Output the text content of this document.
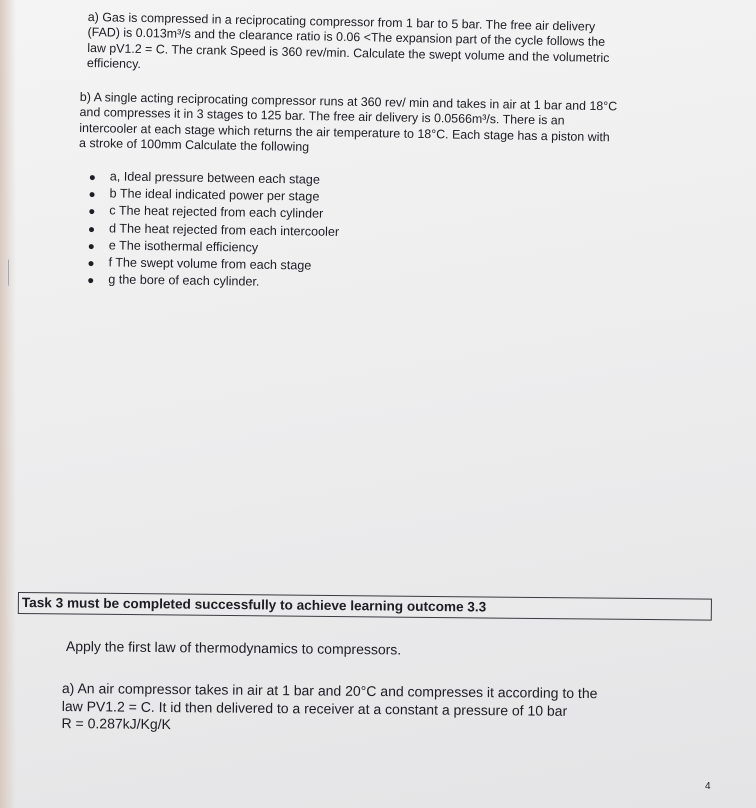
a) Gas is compressed in a reciprocating compressor from 1 bar to 5 bar. The free air delivery
(FAD) is 0.013m³/s and the clearance ratio is 0.06 <The expansion part of the cycle follows the
law pV1.2 = C. The crank Speed is 360 rev/min. Calculate the swept volume and the volumetric
efficiency.

b) A single acting reciprocating compressor runs at 360 rev/ min and takes in air at 1 bar and 18°C
and compresses it in 3 stages to 125 bar. The free air delivery is 0.0566m³/s. There is an
intercooler at each stage which returns the air temperature to 18°C. Each stage has a piston with
a stroke of 100mm Calculate the following

a, Ideal pressure between each stage
b The ideal indicated power per stage
c The heat rejected from each cylinder
d The heat rejected from each intercooler
e The isothermal efficiency
f The swept volume from each stage
g the bore of each cylinder.
Task 3 must be completed successfully to achieve learning outcome 3.3
Apply the first law of thermodynamics to compressors.

a) An air compressor takes in air at 1 bar and 20°C and compresses it according to the
law PV1.2 = C. It id then delivered to a receiver at a constant a pressure of 10 bar
R = 0.287kJ/Kg/K

4
